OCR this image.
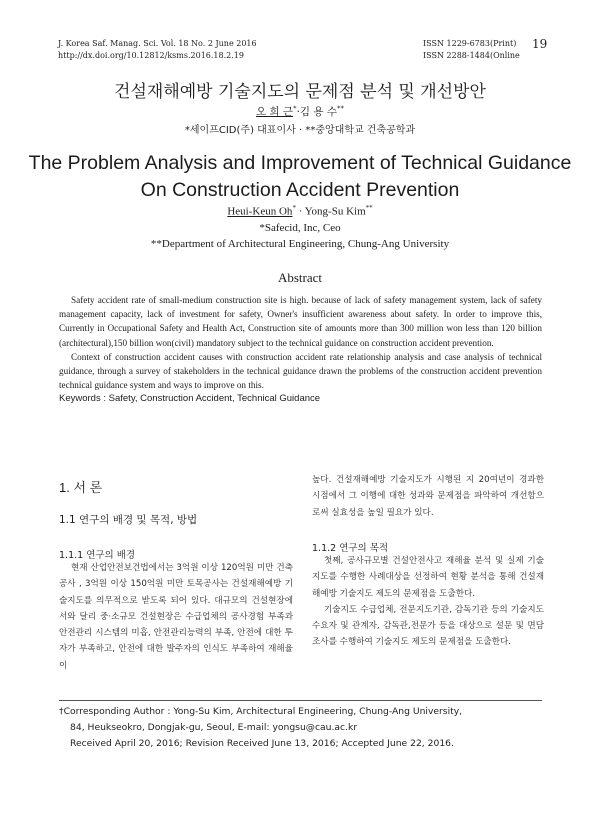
J. Korea Saf. Manag. Sci. Vol. 18 No. 2 June 2016
http://dx.doi.org/10.12812/ksms.2016.18.2.19
ISSN 1229-6783(Print)
ISSN 2288-1484(Online
19
건설재해예방 기술지도의 문제점 분석 및 개선방안
오 희 근*·김 용 수**
*세이프CID(주) 대표이사 · **중앙대학교 건축공학과
The Problem Analysis and Improvement of Technical Guidance
On Construction Accident Prevention
Heui-Keun Oh* · Yong-Su Kim**
*Safecid, Inc, Ceo
**Department of Architectural Engineering, Chung-Ang University
Abstract

Safety accident rate of small-medium construction site is high. because of lack of safety management system, lack of safety management capacity, lack of investment for safety, Owner's insufficient awareness about safety. In order to improve this, Currently in Occupational Safety and Health Act, Construction site of amounts more than 300 million won less than 120 billion (architectural),150 billion won(civil) mandatory subject to the technical guidance on construction accident prevention.

Context of construction accident causes with construction accident rate relationship analysis and case analysis of technical guidance, through a survey of stakeholders in the technical guidance drawn the problems of the construction accident prevention technical guidance system and ways to improve on this.

Keywords : Safety, Construction Accident, Technical Guidance
1. 서 론
1.1 연구의 배경 및 목적, 방법
1.1.1 연구의 배경

현재 산업안전보건법에서는 3억원 이상 120억원 미만 건축공사 , 3억원 이상 150억원 미만 토목공사는 건설재해예방 기술지도를 의무적으로 받도록 되어 있다. 대규모의 건설현장에서와 달리 중·소규모 건설현장은 수급업체의 공사경험 부족과 안전관리 시스템의 미흡, 안전관리능력의 부족, 안전에 대한 투자가 부족하고, 안전에 대한 발주자의 인식도 부족하여 재해율이

높다. 건설재해예방 기술지도가 시행된 지 20여년이 경과한 시점에서 그 이행에 대한 성과와 문제점을 파악하여 개선함으로써 실효성을 높일 필요가 있다.

1.1.2 연구의 목적

첫째, 공사규모별 건설안전사고 재해율 분석 및 실제 기술지도를 수행한 사례대상을 선정하여 현황 분석을 통해 건설재해예방 기술지도 제도의 문제점을 도출한다.

기술지도 수급업체, 전문지도기관, 감독기관 등의 기술지도 수요자 및 관계자, 감독관,전문가 등을 대상으로 설문 및 면담조사를 수행하여 기술지도 제도의 문제점을 도출한다.

†Corresponding Author : Yong-Su Kim, Architectural Engineering, Chung-Ang University,
84, Heukseokro, Dongjak-gu, Seoul, E-mail: yongsu@cau.ac.kr
Received April 20, 2016; Revision Received June 13, 2016; Accepted June 22, 2016.
